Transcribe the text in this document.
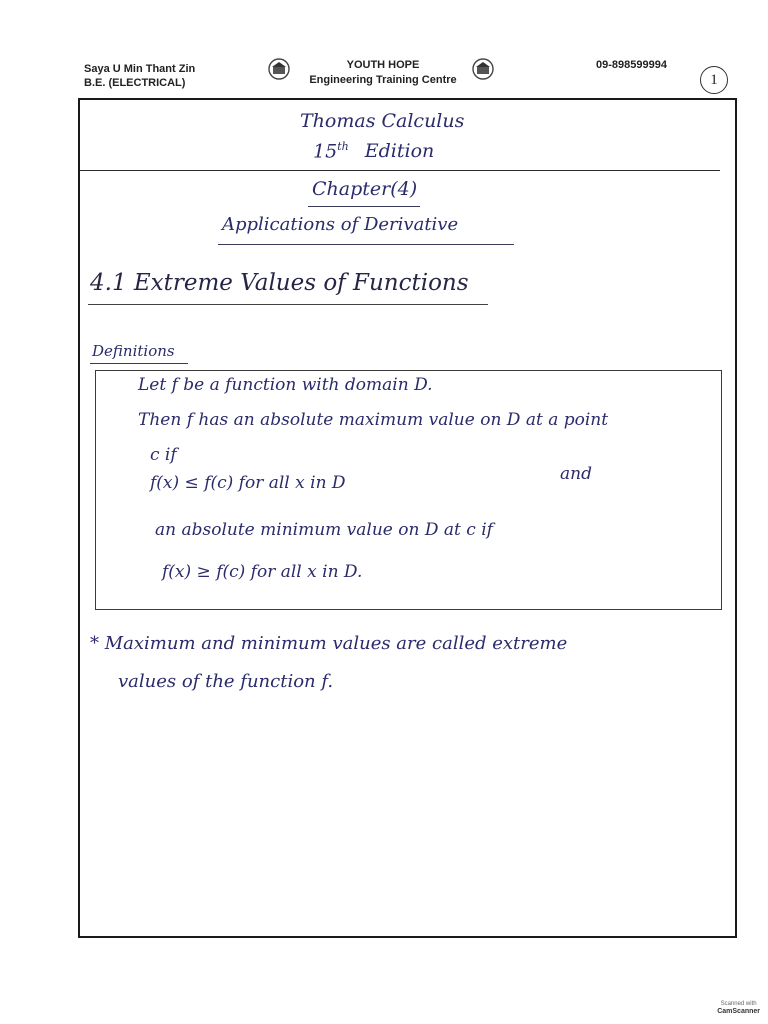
Saya U Min Thant Zin
B.E. (ELECTRICAL)
YOUTH HOPE
Engineering Training Centre
09-898599994
1
Thomas Calculus
15th Edition
Chapter(4)
Applications of Derivative
4.1 Extreme Values of Functions
Definitions
Let f be a function with domain D.
Then f has an absolute maximum value on D at a point
c if
f(x) ≤ f(c) for all x in D	and
an absolute minimum value on D at c if
f(x) ≥ f(c) for all x in D.
* Maximum and minimum values are called extreme
values of the function f.
Scanned with
CamScanner
